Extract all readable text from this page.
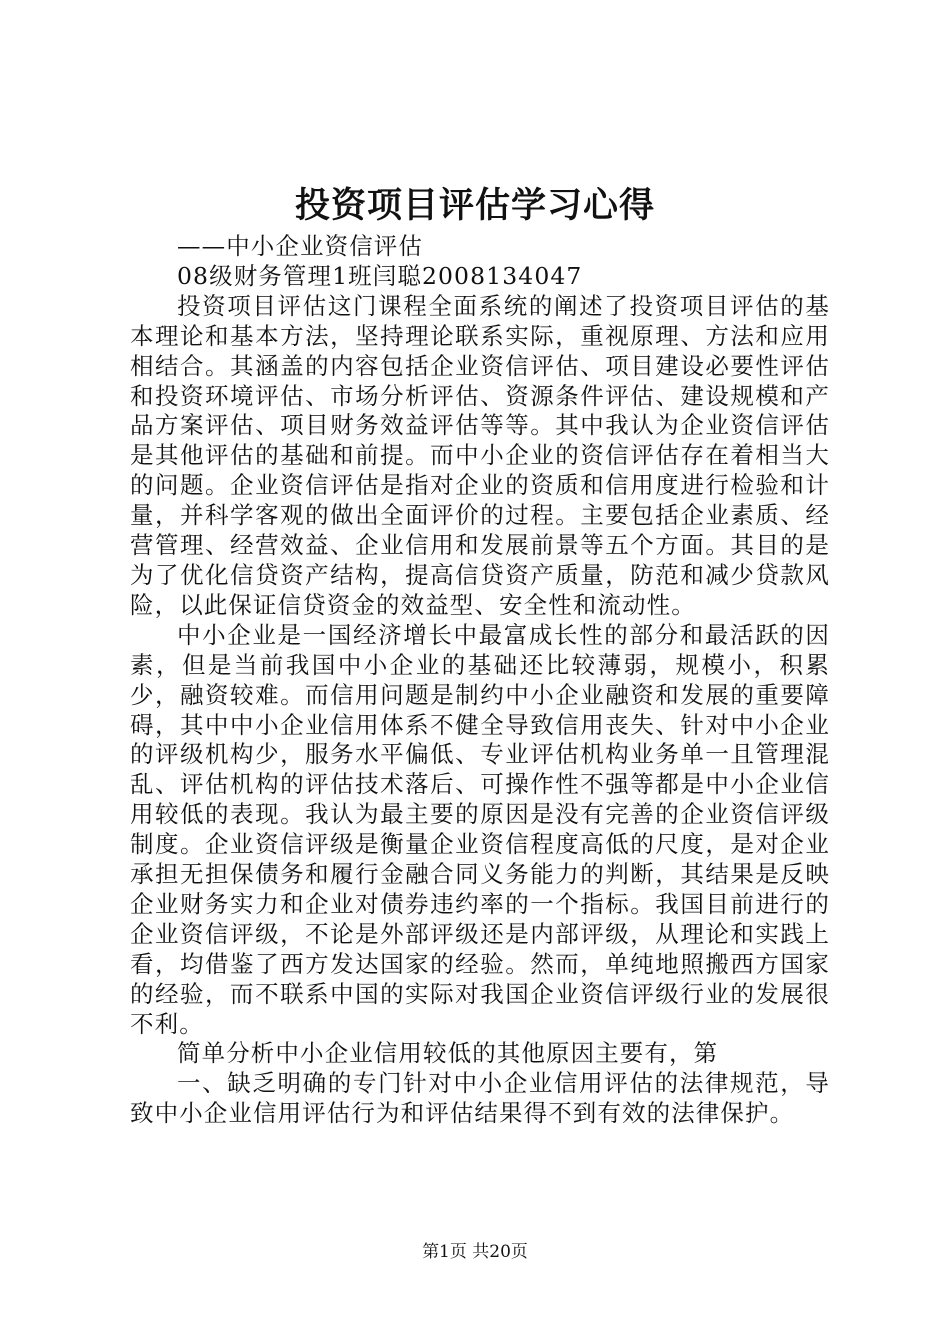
投资项目评估学习心得

——中小企业资信评估

08级财务管理1班闫聪2008134047

投资项目评估这门课程全面系统的阐述了投资项目评估的基本理论和基本方法，坚持理论联系实际，重视原理、方法和应用相结合。其涵盖的内容包括企业资信评估、项目建设必要性评估和投资环境评估、市场分析评估、资源条件评估、建设规模和产品方案评估、项目财务效益评估等等。其中我认为企业资信评估是其他评估的基础和前提。而中小企业的资信评估存在着相当大的问题。企业资信评估是指对企业的资质和信用度进行检验和计量，并科学客观的做出全面评价的过程。主要包括企业素质、经营管理、经营效益、企业信用和发展前景等五个方面。其目的是为了优化信贷资产结构，提高信贷资产质量，防范和减少贷款风险，以此保证信贷资金的效益型、安全性和流动性。

中小企业是一国经济增长中最富成长性的部分和最活跃的因素，但是当前我国中小企业的基础还比较薄弱，规模小，积累少，融资较难。而信用问题是制约中小企业融资和发展的重要障碍，其中中小企业信用体系不健全导致信用丧失、针对中小企业的评级机构少，服务水平偏低、专业评估机构业务单一且管理混乱、评估机构的评估技术落后、可操作性不强等都是中小企业信用较低的表现。我认为最主要的原因是没有完善的企业资信评级制度。企业资信评级是衡量企业资信程度高低的尺度，是对企业承担无担保债务和履行金融合同义务能力的判断，其结果是反映企业财务实力和企业对债券违约率的一个指标。我国目前进行的企业资信评级，不论是外部评级还是内部评级，从理论和实践上看，均借鉴了西方发达国家的经验。然而，单纯地照搬西方国家的经验，而不联系中国的实际对我国企业资信评级行业的发展很不利。

简单分析中小企业信用较低的其他原因主要有，第

一、缺乏明确的专门针对中小企业信用评估的法律规范，导致中小企业信用评估行为和评估结果得不到有效的法律保护。

第1页 共20页
